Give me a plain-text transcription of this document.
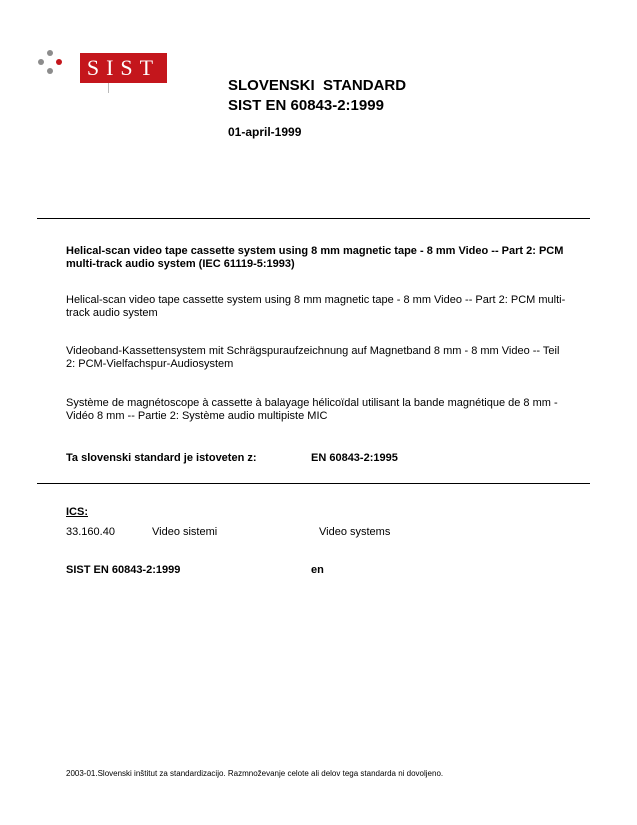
SIST
SLOVENSKI  STANDARD
SIST EN 60843-2:1999
01-april-1999
Helical-scan video tape cassette system using 8 mm magnetic tape - 8 mm Video -- Part 2: PCM multi-track audio system (IEC 61119-5:1993)
Helical-scan video tape cassette system using 8 mm magnetic tape - 8 mm Video -- Part 2: PCM multi-track audio system
Videoband-Kassettensystem mit Schrägspuraufzeichnung auf Magnetband 8 mm - 8 mm Video -- Teil 2: PCM-Vielfachspur-Audiosystem
Système de magnétoscope à cassette à balayage hélicoïdal utilisant la bande magnétique de 8 mm - Vidéo 8 mm -- Partie 2: Système audio multipiste MIC
Ta slovenski standard je istoveten z:	EN 60843-2:1995
ICS:
33.160.40	Video sistemi	Video systems
SIST EN 60843-2:1999	en
2003-01.Slovenski inštitut za standardizacijo. Razmnoževanje celote ali delov tega standarda ni dovoljeno.
